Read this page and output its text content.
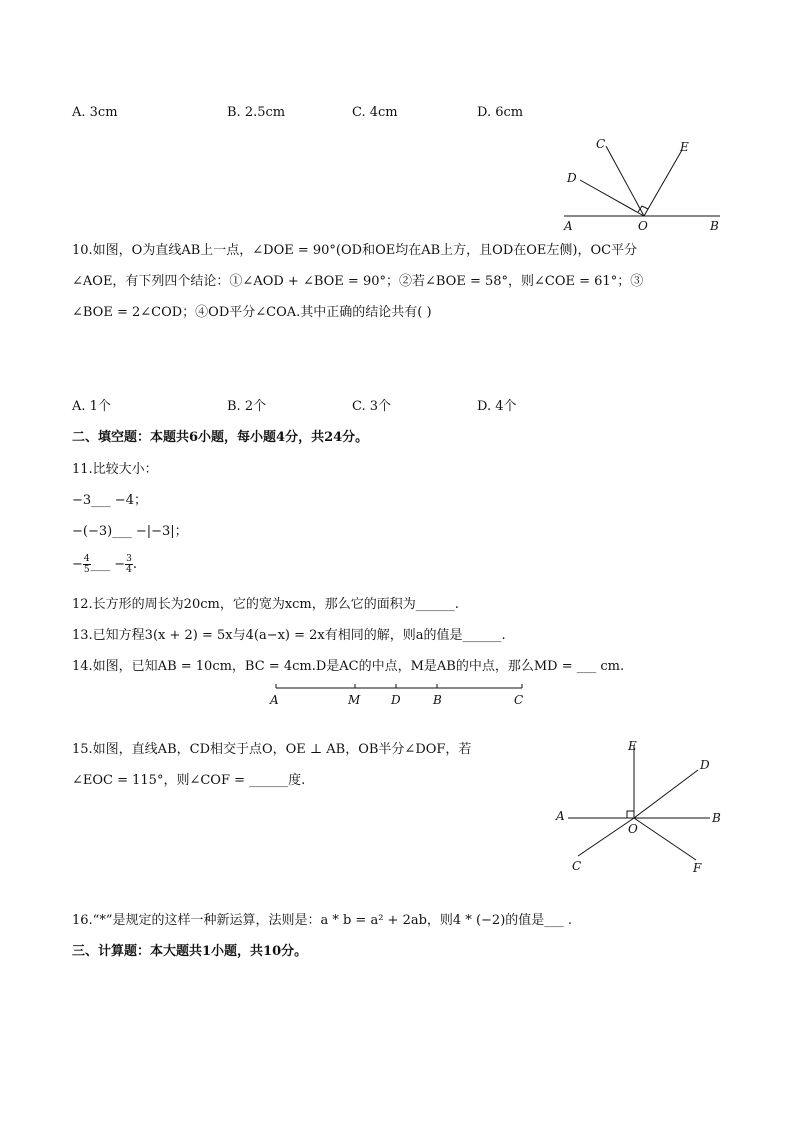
A. 3cm	B. 2.5cm	C. 4cm	D. 6cm
A	B
O
C
D
E
10.如图，O为直线AB上一点，∠DOE = 90°(OD和OE均在AB上方，且OD在OE左侧)，OC平分
∠AOE，有下列四个结论：①∠AOD + ∠BOE = 90°；②若∠BOE = 58°，则∠COE = 61°；③
∠BOE = 2∠COD；④OD平分∠COA.其中正确的结论共有( )
A. 1个	B. 2个	C. 3个	D. 4个
二、填空题：本题共6小题，每小题4分，共24分。
11.比较大小：
−3___ −4；
−(−3)___ −|−3|；
− $\frac{4}{5}$ ___ − $\frac{3}{4}$ .
12.长方形的周长为20cm，它的宽为xcm，那么它的面积为______.
13.已知方程3(x + 2) = 5x与4(a−x) = 2x有相同的解，则a的值是______.
14.如图，已知AB = 10cm，BC = 4cm.D是AC的中点，M是AB的中点，那么MD = ___ cm.
A	M	D	B	C
15.如图，直线AB，CD相交于点O，OE ⊥ AB，OB半分∠DOF，若
∠EOC = 115°，则∠COF = ______度.
A	B
C
D
E
F
O
16.“*”是规定的这样一种新运算，法则是：a * b = a² + 2ab，则4 * (−2)的值是___ .
三、计算题：本大题共1小题，共10分。
